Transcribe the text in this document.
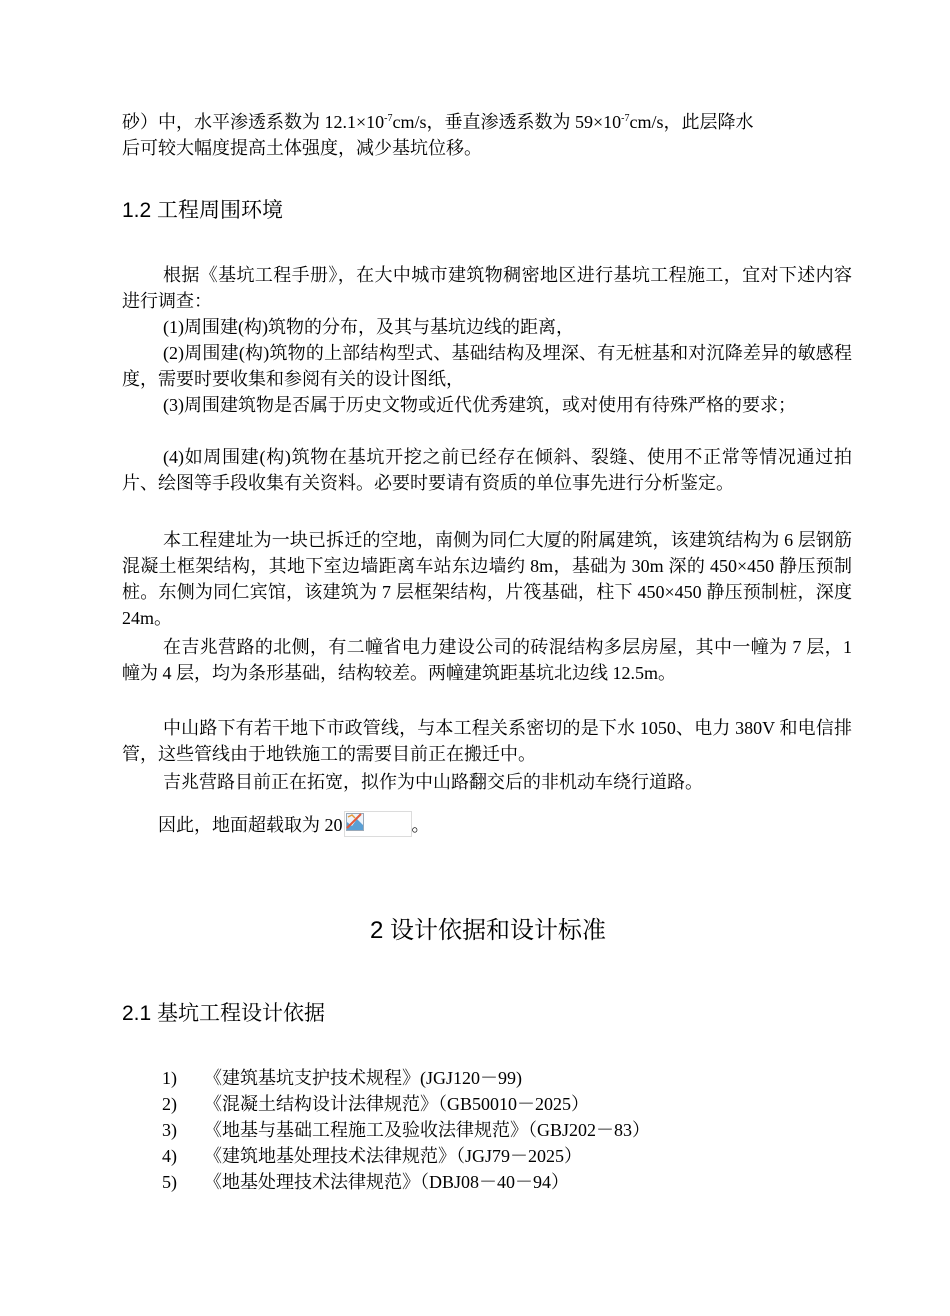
砂）中，水平渗透系数为 $12.1\times 10^{-7}cm/s$，垂直渗透系数为 $59\times 10^{-7}cm/s$，此层降水
后可较大幅度提高土体强度，减少基坑位移。

1.2 工程周围环境

根据《基坑工程手册》，在大中城市建筑物稠密地区进行基坑工程施工，宜对下述内容进行调查：

(1)周围建(构)筑物的分布，及其与基坑边线的距离，

(2)周围建(构)筑物的上部结构型式、基础结构及埋深、有无桩基和对沉降差异的敏感程度，需要时要收集和参阅有关的设计图纸，

(3)周围建筑物是否属于历史文物或近代优秀建筑，或对使用有待殊严格的要求；

(4)如周围建(构)筑物在基坑开挖之前已经存在倾斜、裂缝、使用不正常等情况通过拍片、绘图等手段收集有关资料。必要时要请有资质的单位事先进行分析鉴定。

本工程建址为一块已拆迁的空地，南侧为同仁大厦的附属建筑，该建筑结构为 6 层钢筋混凝土框架结构，其地下室边墙距离车站东边墙约 8m，基础为 30m 深的 450×450 静压预制桩。东侧为同仁宾馆，该建筑为 7 层框架结构，片筏基础，柱下 450×450 静压预制桩，深度 24m。

在吉兆营路的北侧，有二幢省电力建设公司的砖混结构多层房屋，其中一幢为 7 层，1 幢为 4 层，均为条形基础，结构较差。两幢建筑距基坑北边线 12.5m。

中山路下有若干地下市政管线，与本工程关系密切的是下水 1050、电力 380V 和电信排管，这些管线由于地铁施工的需要目前正在搬迁中。

吉兆营路目前正在拓宽，拟作为中山路翻交后的非机动车绕行道路。

因此，地面超载取为 20	。

2 设计依据和设计标准
2.1 基坑工程设计依据
1) 《建筑基坑支护技术规程》(JGJ120－99)
2) 《混凝土结构设计法律规范》（GB50010－2025）
3) 《地基与基础工程施工及验收法律规范》（GBJ202－83）
4) 《建筑地基处理技术法律规范》（JGJ79－2025）
5) 《地基处理技术法律规范》（DBJ08－40－94）
